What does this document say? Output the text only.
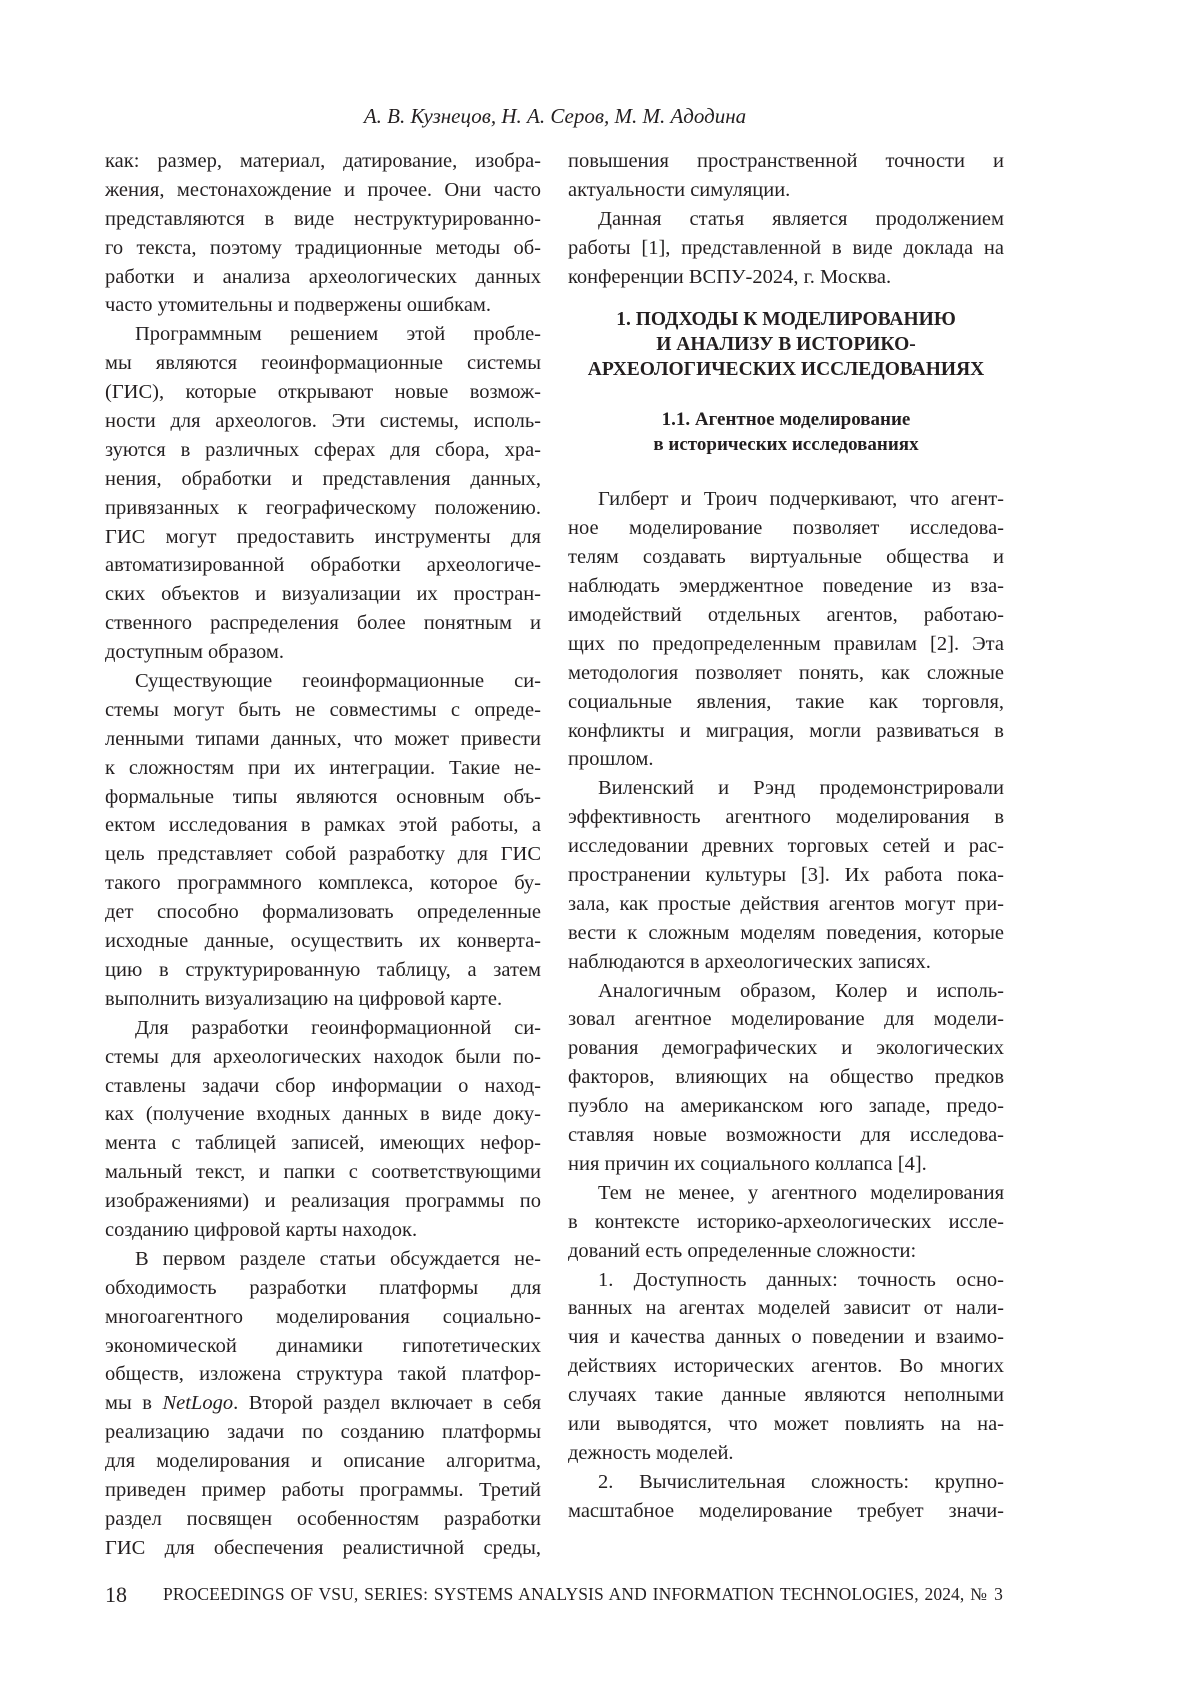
А. В. Кузнецов, Н. А. Серов, М. М. Адодина
как: размер, материал, датирование, изобра-
жения, местонахождение и прочее. Они часто
представляются в виде неструктурированно-
го текста, поэтому традиционные методы об-
работки и анализа археологических данных
часто утомительны и подвержены ошибкам.
Программным решением этой пробле-
мы являются геоинформационные системы
(ГИС), которые открывают новые возмож-
ности для археологов. Эти системы, исполь-
зуются в различных сферах для сбора, хра-
нения, обработки и представления данных,
привязанных к географическому положению.
ГИС могут предоставить инструменты для
автоматизированной обработки археологиче-
ских объектов и визуализации их простран-
ственного распределения более понятным и
доступным образом.
Существующие геоинформационные си-
стемы могут быть не совместимы с опреде-
ленными типами данных, что может привести
к сложностям при их интеграции. Такие не-
формальные типы являются основным объ-
ектом исследования в рамках этой работы, а
цель представляет собой разработку для ГИС
такого программного комплекса, которое бу-
дет способно формализовать определенные
исходные данные, осуществить их конверта-
цию в структурированную таблицу, а затем
выполнить визуализацию на цифровой карте.
Для разработки геоинформационной си-
стемы для археологических находок были по-
ставлены задачи сбор информации о наход-
ках (получение входных данных в виде доку-
мента с таблицей записей, имеющих нефор-
мальный текст, и папки с соответствующими
изображениями) и реализация программы по
созданию цифровой карты находок.
В первом разделе статьи обсуждается не-
обходимость разработки платформы для
многоагентного моделирования социально-
экономической динамики гипотетических
обществ, изложена структура такой платфор-
мы в NetLogo. Второй раздел включает в себя
реализацию задачи по созданию платформы
для моделирования и описание алгоритма,
приведен пример работы программы. Третий
раздел посвящен особенностям разработки
ГИС для обеспечения реалистичной среды,
повышения пространственной точности и
актуальности симуляции.
Данная статья является продолжением
работы [1], представленной в виде доклада на
конференции ВСПУ-2024, г. Москва.
1. ПОДХОДЫ К МОДЕЛИРОВАНИЮ
И АНАЛИЗУ В ИСТОРИКО-
АРХЕОЛОГИЧЕСКИХ ИССЛЕДОВАНИЯХ
1.1. Агентное моделирование
в исторических исследованиях
Гилберт и Троич подчеркивают, что агент-
ное моделирование позволяет исследова-
телям создавать виртуальные общества и
наблюдать эмерджентное поведение из вза-
имодействий отдельных агентов, работаю-
щих по предопределенным правилам [2]. Эта
методология позволяет понять, как сложные
социальные явления, такие как торговля,
конфликты и миграция, могли развиваться в
прошлом.
Виленский и Рэнд продемонстрировали
эффективность агентного моделирования в
исследовании древних торговых сетей и рас-
пространении культуры [3]. Их работа пока-
зала, как простые действия агентов могут при-
вести к сложным моделям поведения, которые
наблюдаются в археологических записях.
Аналогичным образом, Колер и исполь-
зовал агентное моделирование для модели-
рования демографических и экологических
факторов, влияющих на общество предков
пуэбло на американском юго западе, предо-
ставляя новые возможности для исследова-
ния причин их социального коллапса [4].
Тем не менее, у агентного моделирования
в контексте историко-археологических иссле-
дований есть определенные сложности:
1. Доступность данных: точность осно-
ванных на агентах моделей зависит от нали-
чия и качества данных о поведении и взаимо-
действиях исторических агентов. Во многих
случаях такие данные являются неполными
или выводятся, что может повлиять на на-
дежность моделей.
2. Вычислительная сложность: крупно-
масштабное моделирование требует значи-
18 PROCEEDINGS OF VSU, SERIES: SYSTEMS ANALYSIS AND INFORMATION TECHNOLOGIES, 2024, № 3
